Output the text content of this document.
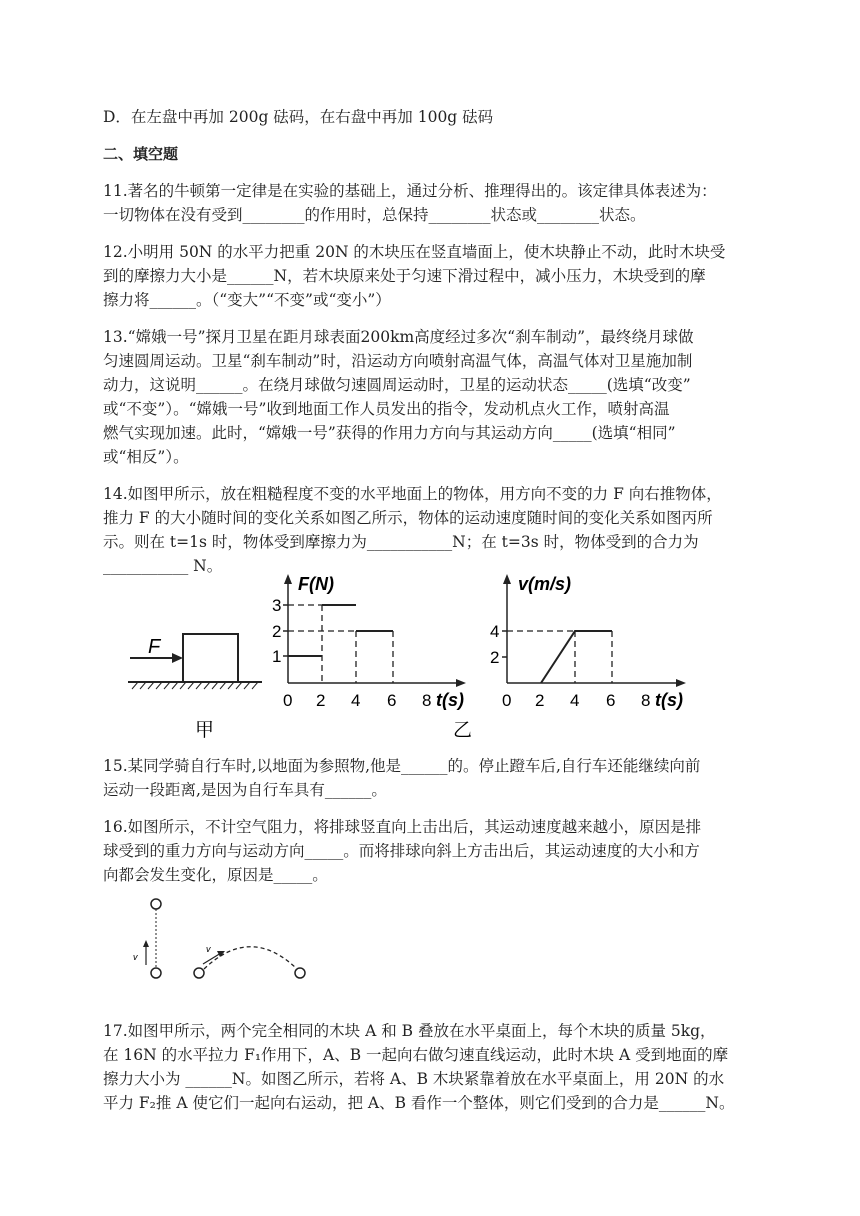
D．在左盘中再加 200g 砝码，在右盘中再加 100g 砝码
二、填空题
11.著名的牛顿第一定律是在实验的基础上，通过分析、推理得出的。该定律具体表述为：
一切物体在没有受到________的作用时，总保持________状态或________状态。
12.小明用 50N 的水平力把重 20N 的木块压在竖直墙面上，使木块静止不动，此时木块受
到的摩擦力大小是______N，若木块原来处于匀速下滑过程中，减小压力，木块受到的摩
擦力将______。（“变大”“不变”或“变小”）
13.“嫦娥一号”探月卫星在距月球表面200km高度经过多次“刹车制动”，最终绕月球做
匀速圆周运动。卫星“刹车制动”时，沿运动方向喷射高温气体，高温气体对卫星施加制
动力，这说明______。在绕月球做匀速圆周运动时，卫星的运动状态_____(选填“改变”
或“不变”）。“嫦娥一号”收到地面工作人员发出的指令，发动机点火工作，喷射高温
燃气实现加速。此时，“嫦娥一号”获得的作用力方向与其运动方向_____(选填“相同”
或“相反”）。
14.如图甲所示，放在粗糙程度不变的水平地面上的物体，用方向不变的力 F 向右推物体，
推力 F 的大小随时间的变化关系如图乙所示，物体的运动速度随时间的变化关系如图丙所
示。则在 t=1s 时，物体受到摩擦力为___________N；在 t=3s 时，物体受到的合力为
___________ N。
F
甲
3
2
1
0 2 4 6 8 t(s)
F(N)
乙
4
2
0 2 4 6 8 t(s)
v(m/s)
v
v
15.某同学骑自行车时,以地面为参照物,他是______的。停止蹬车后,自行车还能继续向前
运动一段距离,是因为自行车具有______。
16.如图所示，不计空气阻力，将排球竖直向上击出后，其运动速度越来越小，原因是排
球受到的重力方向与运动方向_____。而将排球向斜上方击出后，其运动速度的大小和方
向都会发生变化，原因是_____。
17.如图甲所示，两个完全相同的木块 A 和 B 叠放在水平桌面上，每个木块的质量 5kg，
在 16N 的水平拉力 F₁作用下，A、B 一起向右做匀速直线运动，此时木块 A 受到地面的摩
擦力大小为 ______N。如图乙所示，若将 A、B 木块紧靠着放在水平桌面上，用 20N 的水
平力 F₂推 A 使它们一起向右运动，把 A、B 看作一个整体，则它们受到的合力是______N。
